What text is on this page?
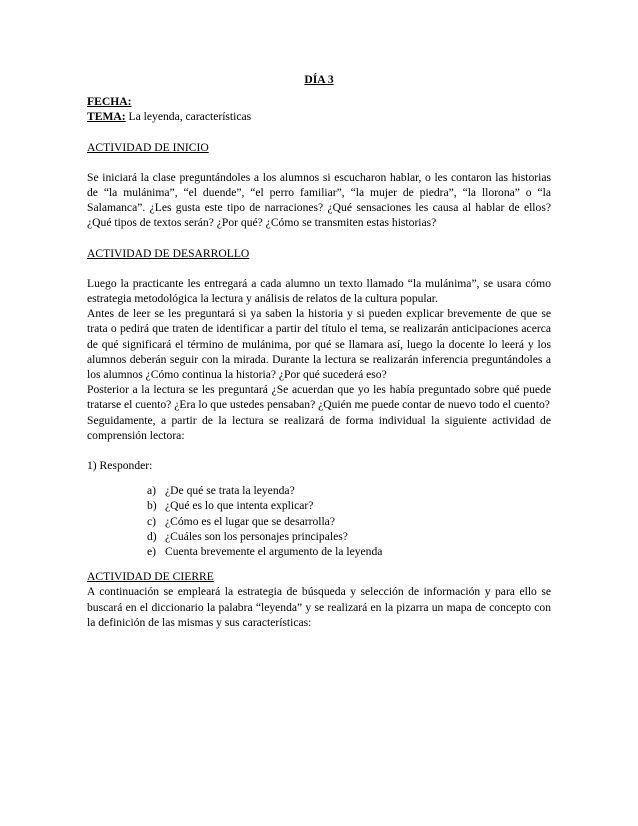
DÍA 3
FECHA:
TEMA: La leyenda, características
ACTIVIDAD DE INICIO

Se iniciará la clase preguntándoles a los alumnos si escucharon hablar, o les contaron las historias de “la mulánima”, “el duende”, “el perro familiar”, “la mujer de piedra”, “la llorona” o “la Salamanca”. ¿Les gusta este tipo de narraciones? ¿Qué sensaciones les causa al hablar de ellos? ¿Qué tipos de textos serán? ¿Por qué? ¿Cómo se transmiten estas historias?

ACTIVIDAD DE DESARROLLO

Luego la practicante les entregará a cada alumno un texto llamado “la mulánima”, se usara cómo estrategia metodológica la lectura y análisis de relatos de la cultura popular.

Antes de leer se les preguntará si ya saben la historia y si pueden explicar brevemente de que se trata o pedirá que traten de identificar a partir del título el tema, se realizarán anticipaciones acerca de qué significará el término de mulánima, por qué se llamara así, luego la docente lo leerá y los alumnos deberán seguir con la mirada. Durante la lectura se realizarán inferencia preguntándoles a los alumnos ¿Cómo continua la historia? ¿Por qué sucederá eso?

Posterior a la lectura se les preguntará ¿Se acuerdan que yo les había preguntado sobre qué puede tratarse el cuento? ¿Era lo que ustedes pensaban? ¿Quién me puede contar de nuevo todo el cuento?

Seguidamente, a partir de la lectura se realizará de forma individual la siguiente actividad de comprensión lectora:

1) Responder:
a) ¿De qué se trata la leyenda?
b) ¿Qué es lo que intenta explicar?
c) ¿Cómo es el lugar que se desarrolla?
d) ¿Cuáles son los personajes principales?
e) Cuenta brevemente el argumento de la leyenda
ACTIVIDAD DE CIERRE

A continuación se empleará la estrategia de búsqueda y selección de información y para ello se buscará en el diccionario la palabra “leyenda” y se realizará en la pizarra un mapa de concepto con la definición de las mismas y sus características:
